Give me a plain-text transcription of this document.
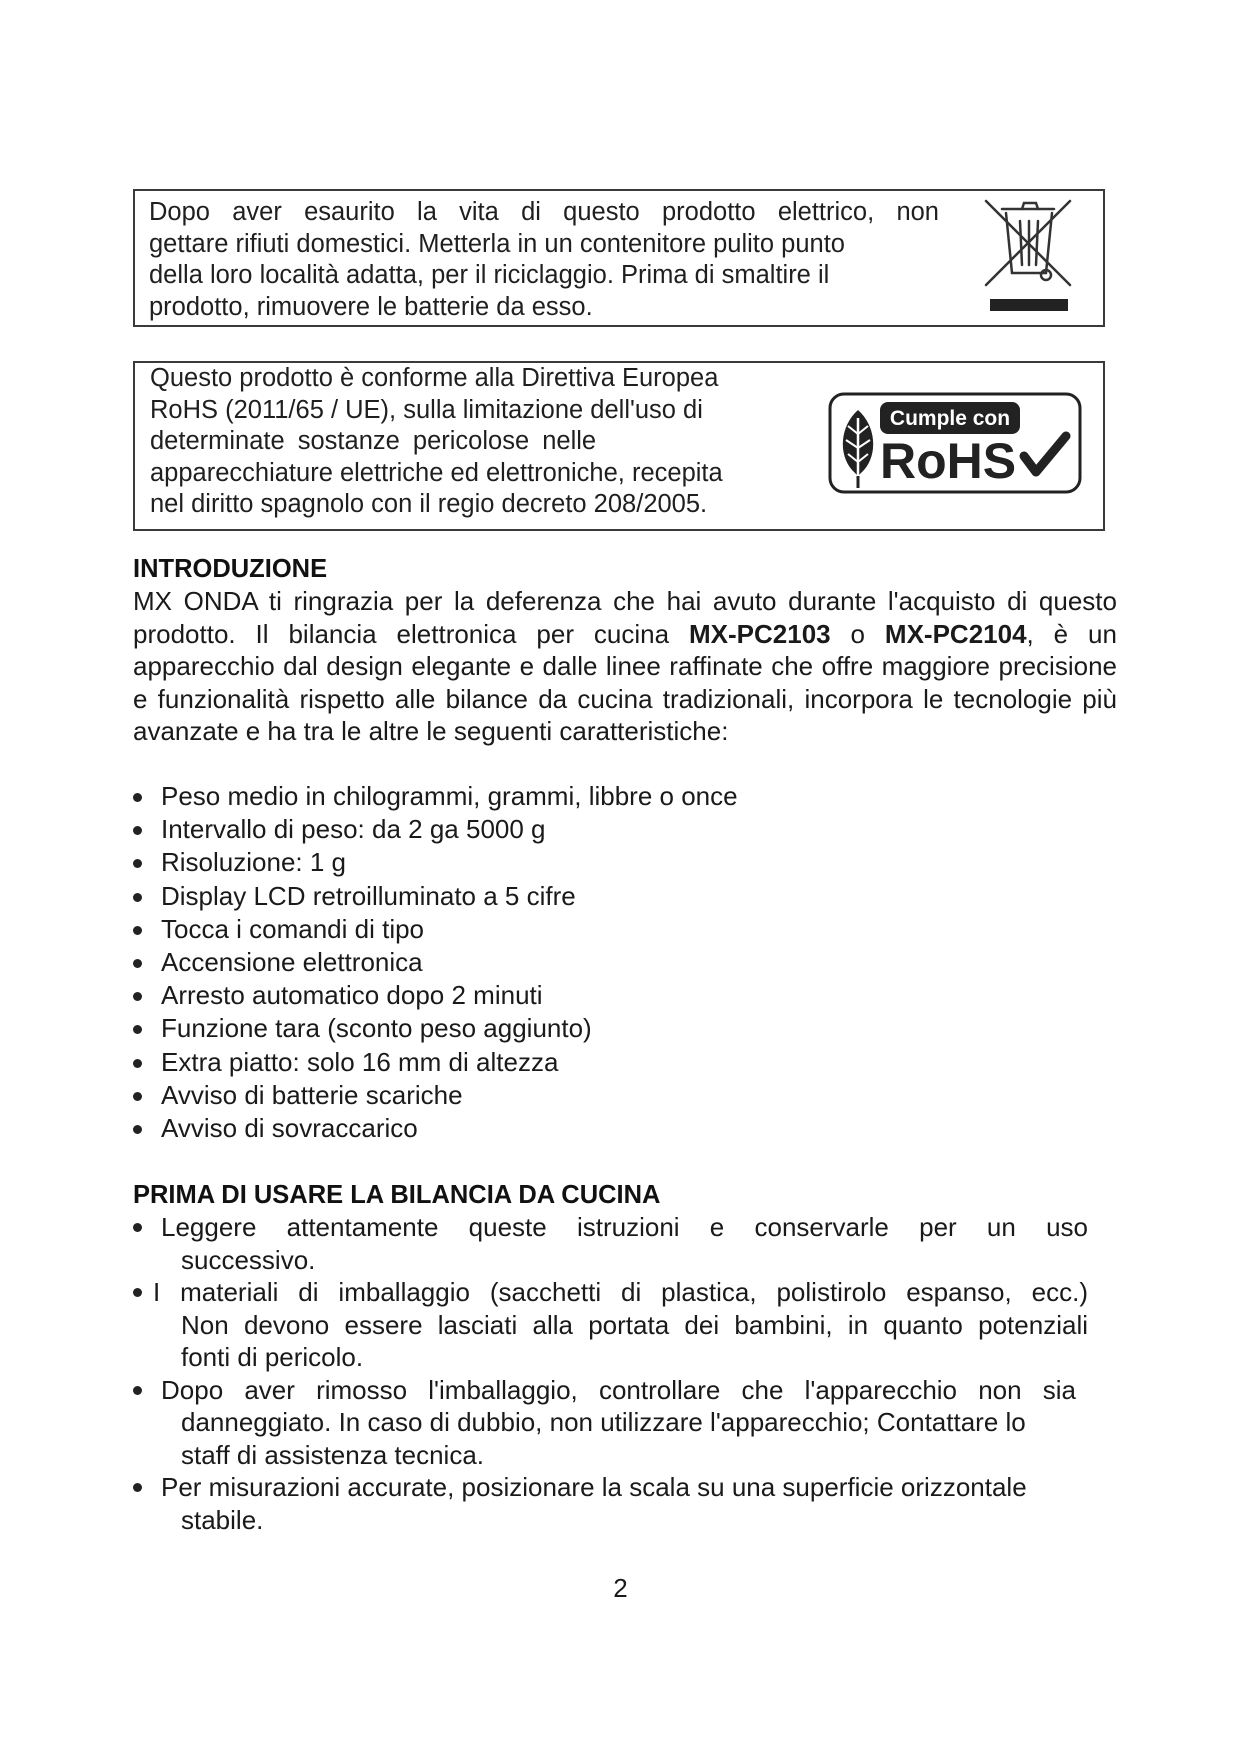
Dopo aver esaurito la vita di questo prodotto elettrico, non
gettare rifiuti domestici. Metterla in un contenitore pulito punto
della loro località adatta, per il riciclaggio. Prima di smaltire il
prodotto, rimuovere le batterie da esso.
Questo prodotto è conforme alla Direttiva Europea
RoHS (2011/65 / UE), sulla limitazione dell'uso di
determinate sostanze pericolose nelle
apparecchiature elettriche ed elettroniche, recepita
nel diritto spagnolo con il regio decreto 208/2005.
Cumple con
RoHS
INTRODUZIONE

MX ONDA ti ringrazia per la deferenza che hai avuto durante l'acquisto di questo prodotto. Il bilancia elettronica per cucina MX-PC2103 o MX-PC2104, è un apparecchio dal design elegante e dalle linee raffinate che offre maggiore precisione e funzionalità rispetto alle bilance da cucina tradizionali, incorpora le tecnologie più avanzate e ha tra le altre le seguenti caratteristiche:

Peso medio in chilogrammi, grammi, libbre o once
Intervallo di peso: da 2 ga 5000 g
Risoluzione: 1 g
Display LCD retroilluminato a 5 cifre
Tocca i comandi di tipo
Accensione elettronica
Arresto automatico dopo 2 minuti
Funzione tara (sconto peso aggiunto)
Extra piatto: solo 16 mm di altezza
Avviso di batterie scariche
Avviso di sovraccarico
PRIMA DI USARE LA BILANCIA DA CUCINA
Leggere attentamente queste istruzioni e conservarle per un uso
successivo.
I materiali di imballaggio (sacchetti di plastica, polistirolo espanso, ecc.)
Non devono essere lasciati alla portata dei bambini, in quanto potenziali
fonti di pericolo.
Dopo aver rimosso l'imballaggio, controllare che l'apparecchio non sia
danneggiato. In caso di dubbio, non utilizzare l'apparecchio; Contattare lo
staff di assistenza tecnica.
Per misurazioni accurate, posizionare la scala su una superficie orizzontale
stabile.
2
